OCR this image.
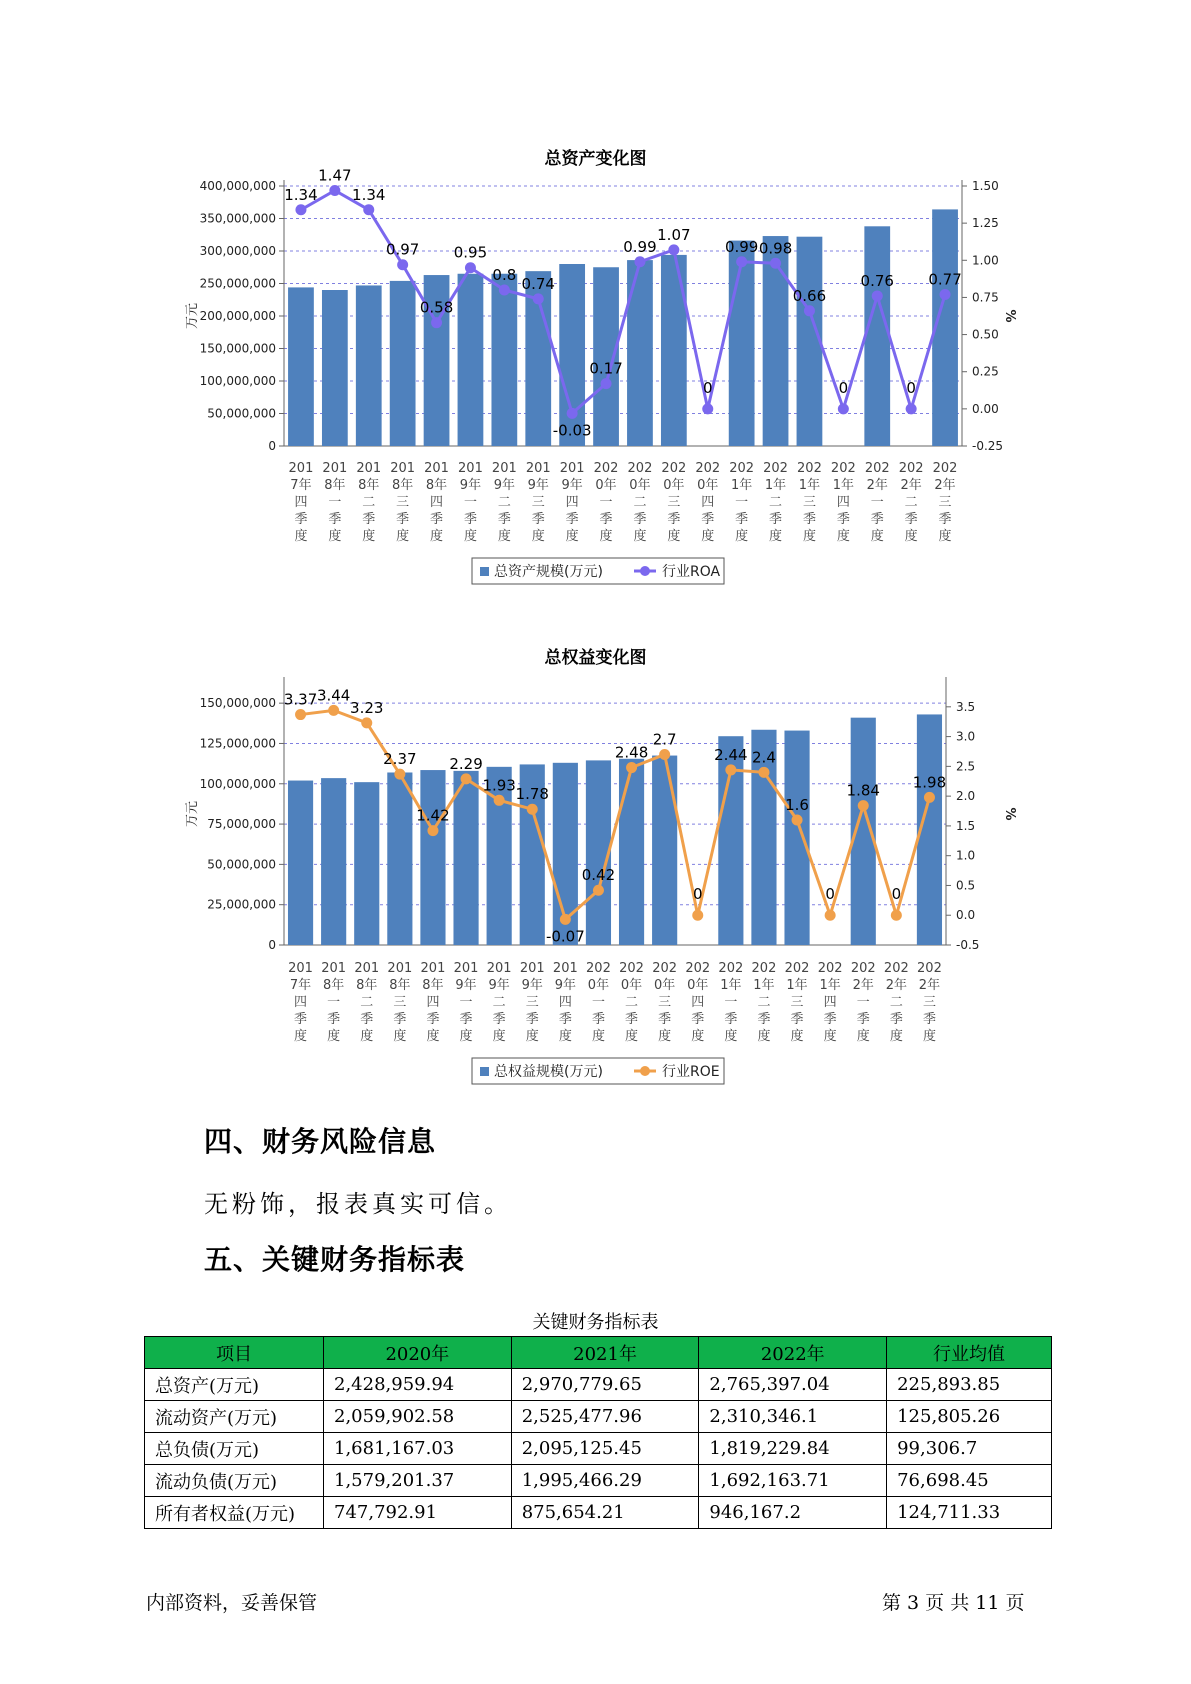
总资产变化图
0
50,000,000
100,000,000
150,000,000
200,000,000
250,000,000
300,000,000
350,000,000
400,000,000
-0.25
0.00
0.25
0.50
0.75
1.00
1.25
1.50
万元	%
1.34
1.47
1.34
0.97
0.58
0.95
0.8 0.74
-0.03
0.17
0.99
1.07
0
0.99 0.98
0.66
0
0.76
0
0.77
201
7年
四
季
度
201
8年
一
季
度
201
8年
二
季
度
201
8年
三
季
度
201
8年
四
季
度
201
9年
一
季
度
201
9年
二
季
度
201
9年
三
季
度
201
9年
四
季
度
202
0年
一
季
度
202
0年
二
季
度
202
0年
三
季
度
202
0年
四
季
度
202
1年
一
季
度
202
1年
二
季
度
202
1年
三
季
度
202
1年
四
季
度
202
2年
一
季
度
202
2年
二
季
度
202
2年
三
季
度
总资产规模(万元)	行业ROA
总权益变化图
0
25,000,000
50,000,000
75,000,000
100,000,000
125,000,000
150,000,000
-0.5
0.0
0.5
1.0
1.5
2.0
2.5
3.0
3.5
万元	%
3.37 3.44
3.23
2.37
1.42
2.29
1.93 1.78
-0.07
0.42
2.48
2.7
0
2.44 2.4
1.6
0
1.84
0
1.98
201
7年
四
季
度
201
8年
一
季
度
201
8年
二
季
度
201
8年
三
季
度
201
8年
四
季
度
201
9年
一
季
度
201
9年
二
季
度
201
9年
三
季
度
201
9年
四
季
度
202
0年
一
季
度
202
0年
二
季
度
202
0年
三
季
度
202
0年
四
季
度
202
1年
一
季
度
202
1年
二
季
度
202
1年
三
季
度
202
1年
四
季
度
202
2年
一
季
度
202
2年
二
季
度
202
2年
三
季
度
总权益规模(万元)	行业ROE
四、财务风险信息
无粉饰，报表真实可信。
五、关键财务指标表
关键财务指标表
项目	2020年	2021年	2022年	行业均值
总资产(万元)	2,428,959.94	2,970,779.65	2,765,397.04	225,893.85
流动资产(万元)	2,059,902.58	2,525,477.96	2,310,346.1	125,805.26
总负债(万元)	1,681,167.03	2,095,125.45	1,819,229.84	99,306.7
流动负债(万元)	1,579,201.37	1,995,466.29	1,692,163.71	76,698.45
所有者权益(万元)	747,792.91	875,654.21	946,167.2	124,711.33
内部资料，妥善保管	第 3 页 共 11 页
